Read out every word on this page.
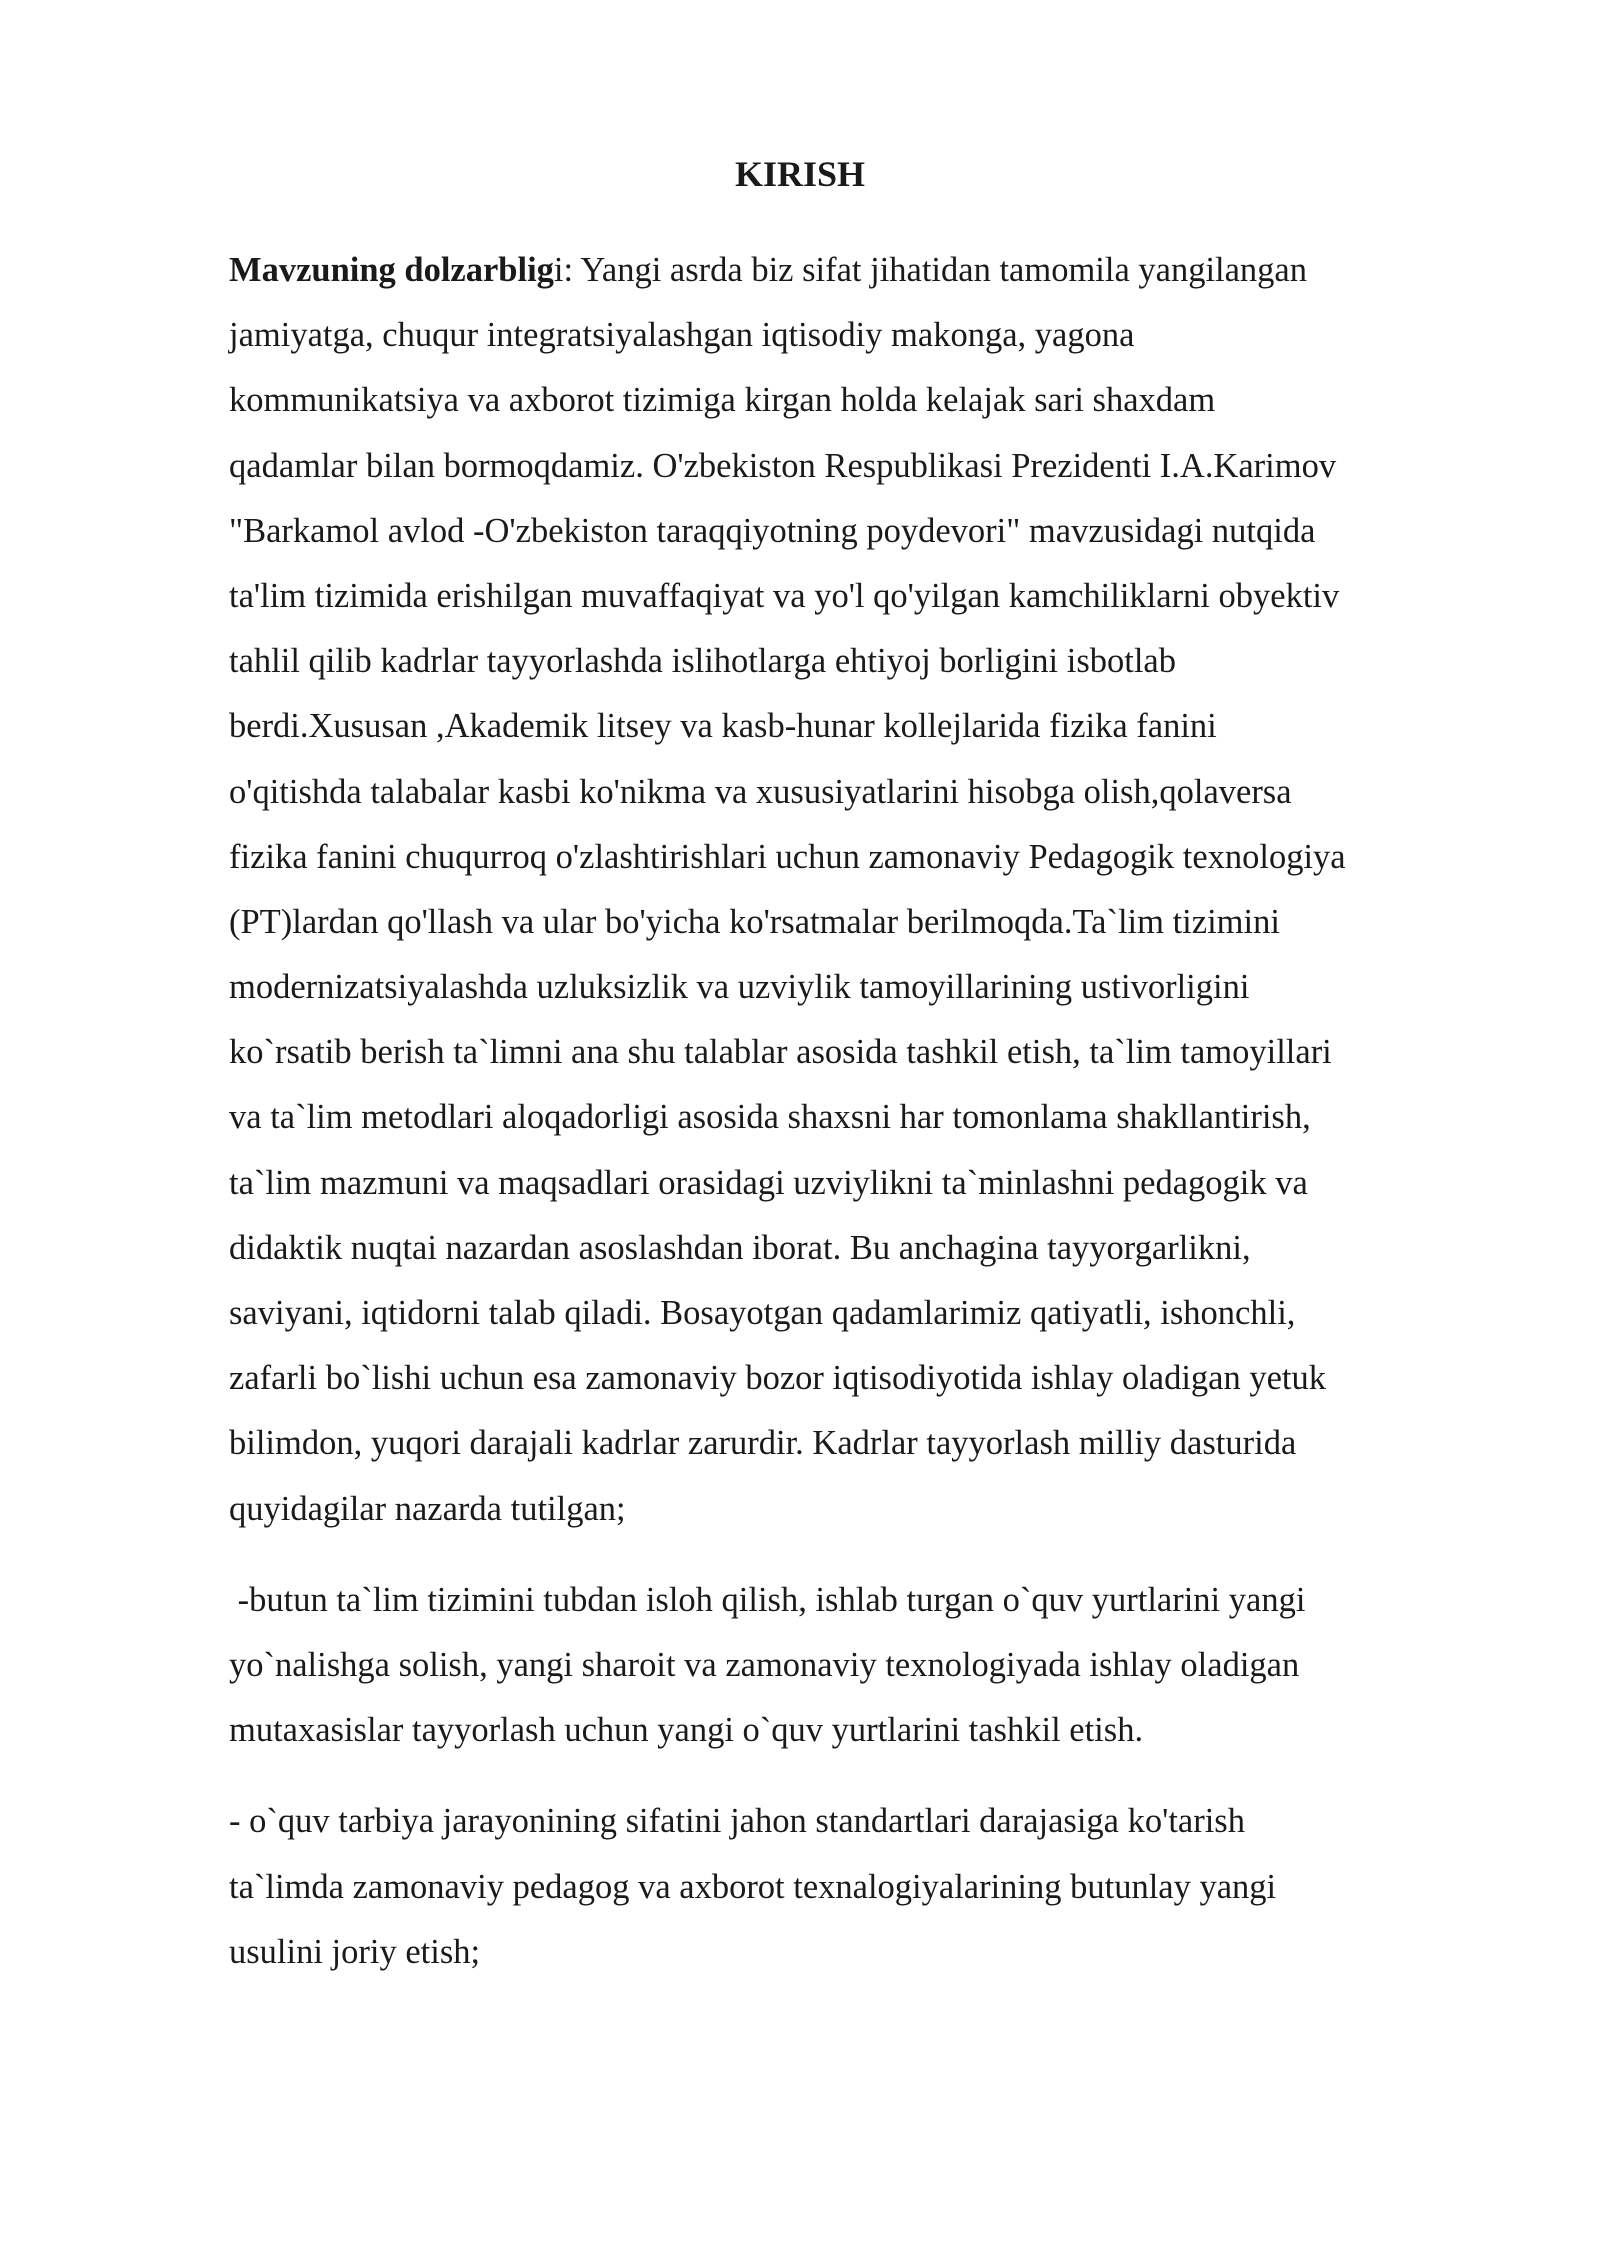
KIRISH

Mavzuning dolzarbligi: Yangi asrda biz sifat jihatidan tamomila yangilangan
jamiyatga, chuqur integratsiyalashgan iqtisodiy makonga, yagona
kommunikatsiya va axborot tizimiga kirgan holda kelajak sari shaxdam
qadamlar bilan bormoqdamiz. O'zbekiston Respublikasi Prezidenti I.A.Karimov
"Barkamol avlod -O'zbekiston taraqqiyotning poydevori" mavzusidagi nutqida
ta'lim tizimida erishilgan muvaffaqiyat va yo'l qo'yilgan kamchiliklarni obyektiv
tahlil qilib kadrlar tayyorlashda islihotlarga ehtiyoj borligini isbotlab
berdi.Xususan ,Akademik litsey va kasb-hunar kollejlarida fizika fanini
o'qitishda talabalar kasbi ko'nikma va xususiyatlarini hisobga olish,qolaversa
fizika fanini chuqurroq o'zlashtirishlari uchun zamonaviy Pedagogik texnologiya
(PT)lardan qo'llash va ular bo'yicha ko'rsatmalar berilmoqda.Ta`lim tizimini
modernizatsiyalashda uzluksizlik va uzviylik tamoyillarining ustivorligini
ko`rsatib berish ta`limni ana shu talablar asosida tashkil etish, ta`lim tamoyillari
va ta`lim metodlari aloqadorligi asosida shaxsni har tomonlama shakllantirish,
ta`lim mazmuni va maqsadlari orasidagi uzviylikni ta`minlashni pedagogik va
didaktik nuqtai nazardan asoslashdan iborat. Bu anchagina tayyorgarlikni,
saviyani, iqtidorni talab qiladi. Bosayotgan qadamlarimiz qatiyatli, ishonchli,
zafarli bo`lishi uchun esa zamonaviy bozor iqtisodiyotida ishlay oladigan yetuk
bilimdon, yuqori darajali kadrlar zarurdir. Kadrlar tayyorlash milliy dasturida
quyidagilar nazarda tutilgan;

-butun ta`lim tizimini tubdan isloh qilish, ishlab turgan o`quv yurtlarini yangi
yo`nalishga solish, yangi sharoit va zamonaviy texnologiyada ishlay oladigan
mutaxasislar tayyorlash uchun yangi o`quv yurtlarini tashkil etish.

- o`quv tarbiya jarayonining sifatini jahon standartlari darajasiga ko'tarish
ta`limda zamonaviy pedagog va axborot texnalogiyalarining butunlay yangi
usulini joriy etish;
